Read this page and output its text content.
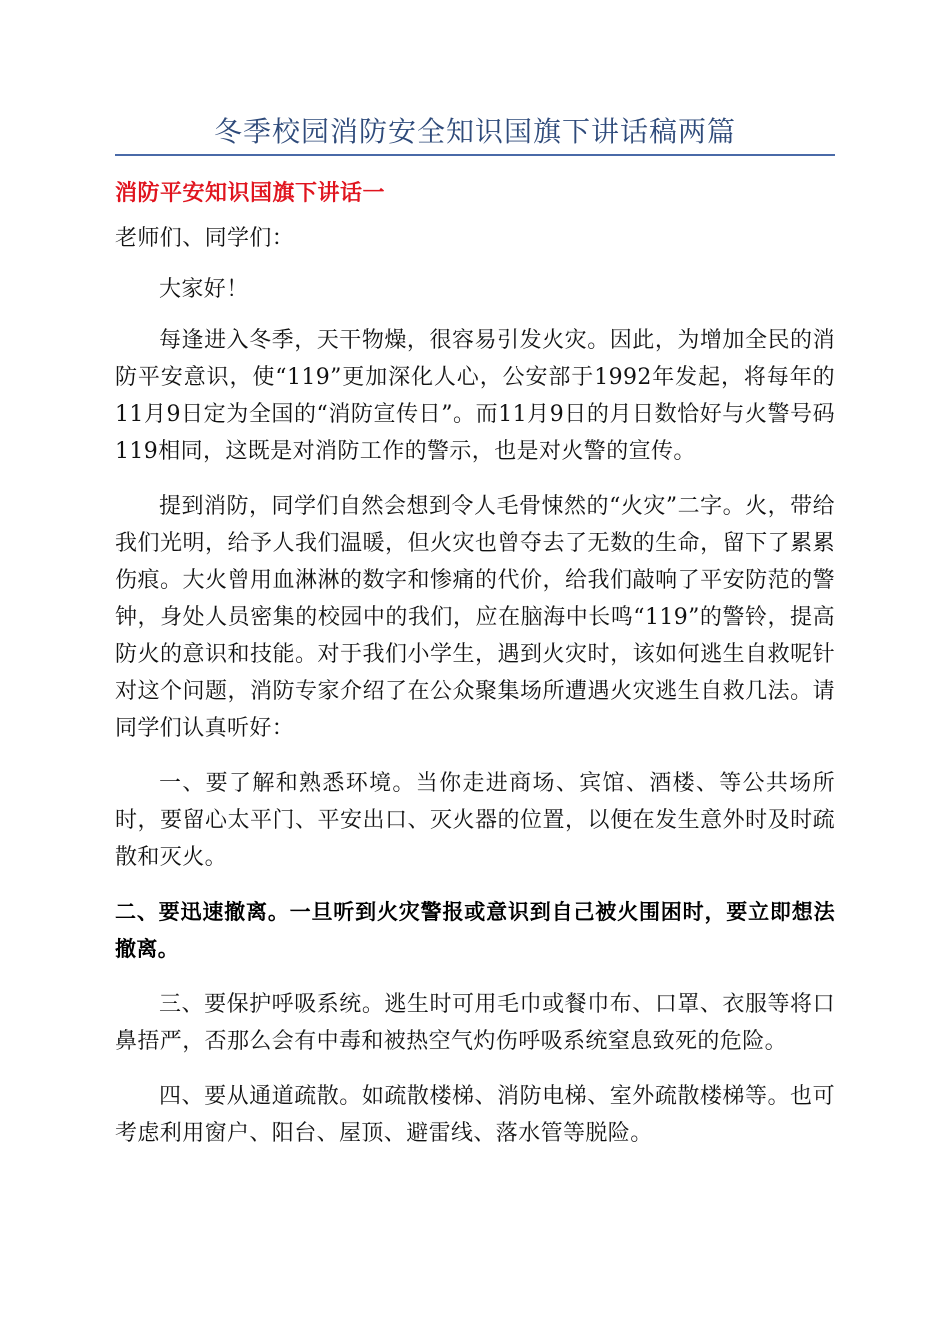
冬季校园消防安全知识国旗下讲话稿两篇
消防平安知识国旗下讲话一

老师们、同学们：

大家好！

每逢进入冬季，天干物燥，很容易引发火灾。因此，为增加全民的消防平安意识，使“119”更加深化人心，公安部于1992年发起，将每年的11月9日定为全国的“消防宣传日”。而11月9日的月日数恰好与火警号码119相同，这既是对消防工作的警示，也是对火警的宣传。

提到消防，同学们自然会想到令人毛骨悚然的“火灾”二字。火，带给我们光明，给予人我们温暖，但火灾也曾夺去了无数的生命，留下了累累伤痕。大火曾用血淋淋的数字和惨痛的代价，给我们敲响了平安防范的警钟，身处人员密集的校园中的我们，应在脑海中长鸣“119”的警铃，提高防火的意识和技能。对于我们小学生，遇到火灾时，该如何逃生自救呢针对这个问题，消防专家介绍了在公众聚集场所遭遇火灾逃生自救几法。请同学们认真听好：

一、要了解和熟悉环境。当你走进商场、宾馆、酒楼、等公共场所时，要留心太平门、平安出口、灭火器的位置，以便在发生意外时及时疏散和灭火。

二、要迅速撤离。一旦听到火灾警报或意识到自己被火围困时，要立即想法撤离。

三、要保护呼吸系统。逃生时可用毛巾或餐巾布、口罩、衣服等将口鼻捂严，否那么会有中毒和被热空气灼伤呼吸系统窒息致死的危险。

四、要从通道疏散。如疏散楼梯、消防电梯、室外疏散楼梯等。也可考虑利用窗户、阳台、屋顶、避雷线、落水管等脱险。
